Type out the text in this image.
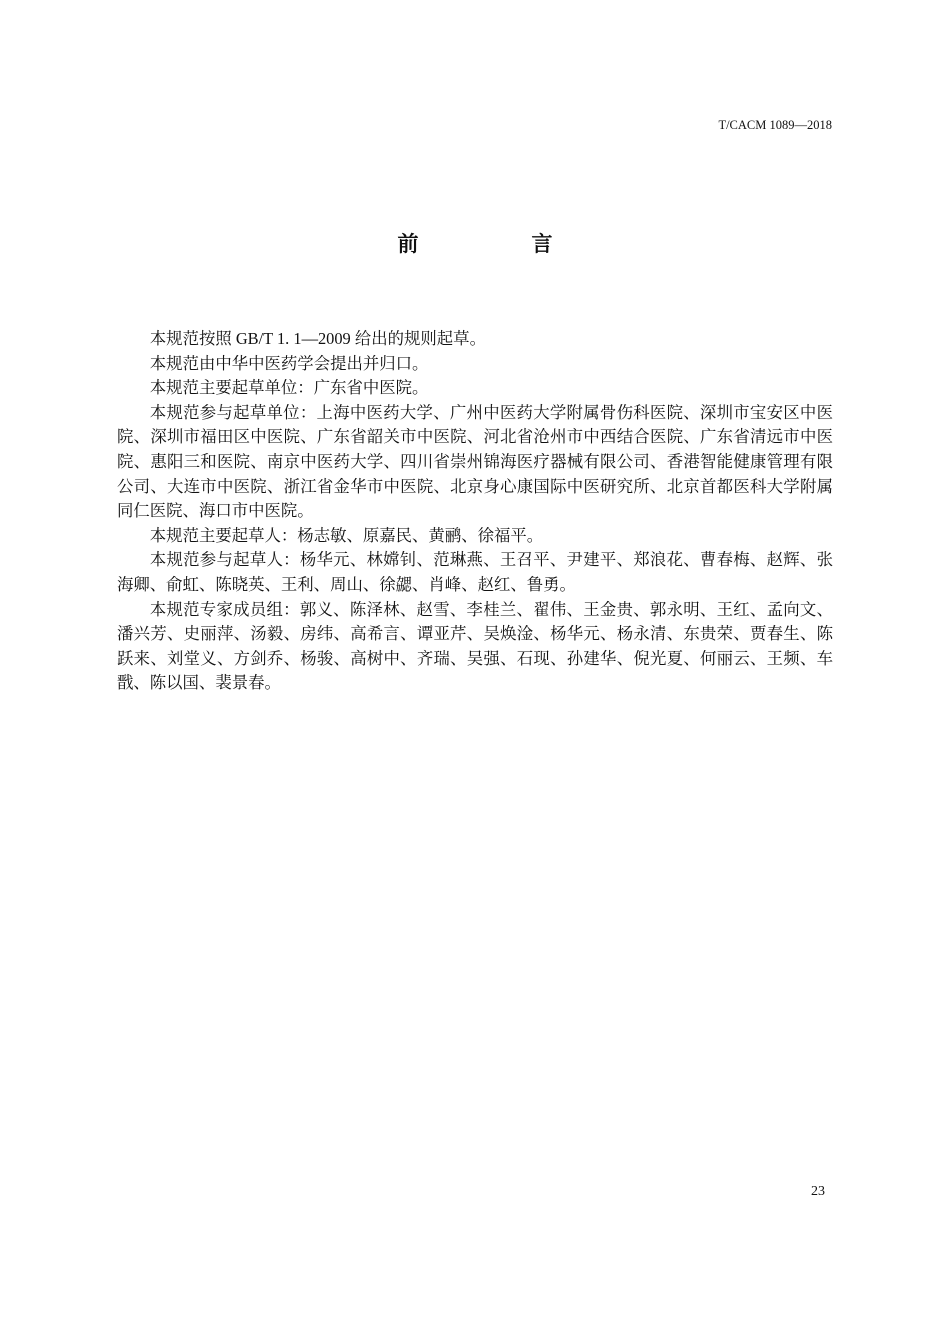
T/CACM 1089—2018
前　言

本规范按照 GB/T 1. 1—2009 给出的规则起草。

本规范由中华中医药学会提出并归口。

本规范主要起草单位：广东省中医院。

本规范参与起草单位：上海中医药大学、广州中医药大学附属骨伤科医院、深圳市宝安区中医院、深圳市福田区中医院、广东省韶关市中医院、河北省沧州市中西结合医院、广东省清远市中医院、惠阳三和医院、南京中医药大学、四川省崇州锦海医疗器械有限公司、香港智能健康管理有限公司、大连市中医院、浙江省金华市中医院、北京身心康国际中医研究所、北京首都医科大学附属同仁医院、海口市中医院。

本规范主要起草人：杨志敏、原嘉民、黄鹂、徐福平。

本规范参与起草人：杨华元、林嫦钊、范琳燕、王召平、尹建平、郑浪花、曹春梅、赵辉、张海卿、俞虹、陈晓英、王利、周山、徐勰、肖峰、赵红、鲁勇。

本规范专家成员组：郭义、陈泽林、赵雪、李桂兰、翟伟、王金贵、郭永明、王红、孟向文、潘兴芳、史丽萍、汤毅、房纬、高希言、谭亚芹、吴焕淦、杨华元、杨永清、东贵荣、贾春生、陈跃来、刘堂义、方剑乔、杨骏、高树中、齐瑞、吴强、石现、孙建华、倪光夏、何丽云、王频、车戬、陈以国、裴景春。

23
